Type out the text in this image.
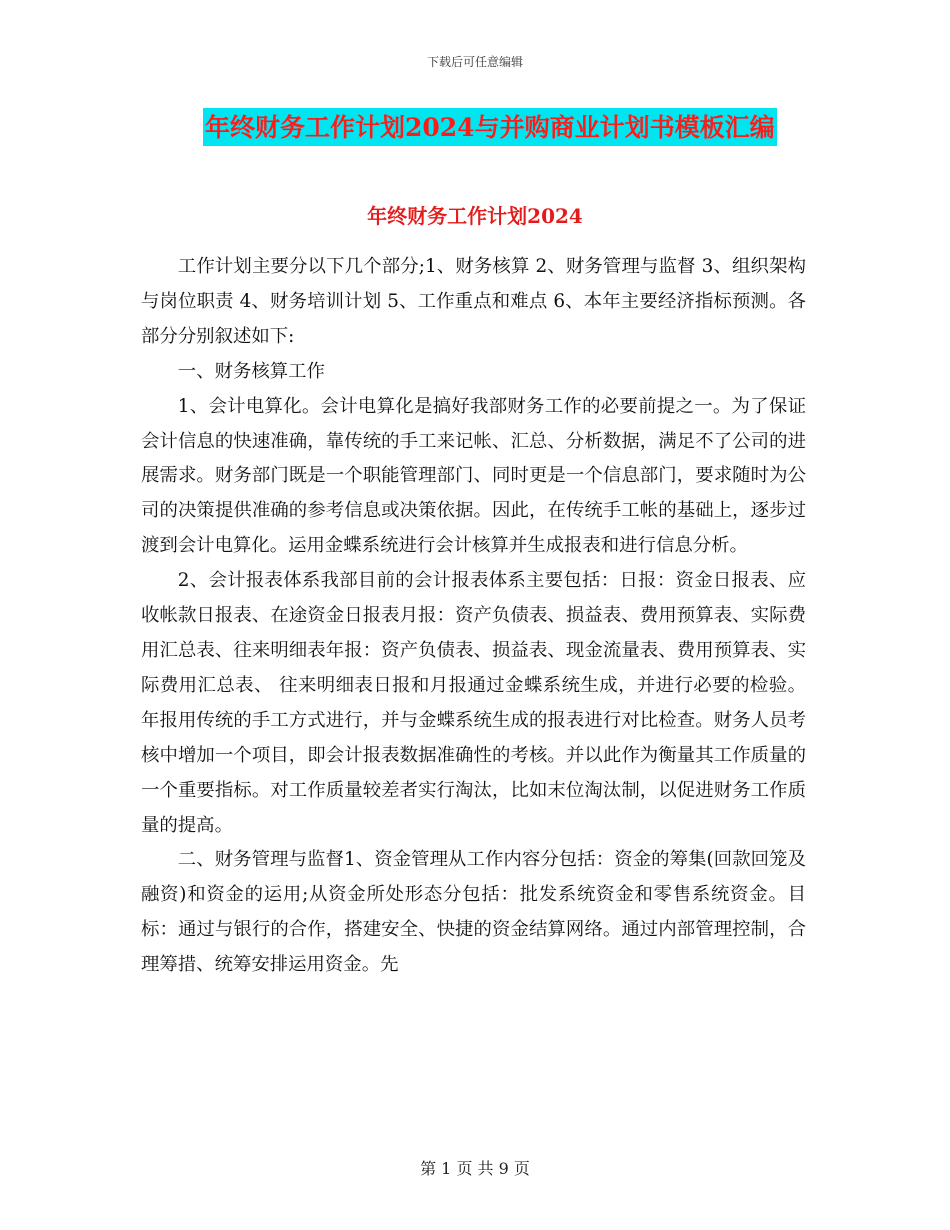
下载后可任意编辑
年终财务工作计划2024与并购商业计划书模板汇编
年终财务工作计划2024

工作计划主要分以下几个部分;1、财务核算 2、财务管理与监督 3、组织架构与岗位职责 4、财务培训计划 5、工作重点和难点 6、本年主要经济指标预测。各部分分别叙述如下:

一、财务核算工作

1、会计电算化。会计电算化是搞好我部财务工作的必要前提之一。为了保证会计信息的快速准确，靠传统的手工来记帐、汇总、分析数据，满足不了公司的进展需求。财务部门既是一个职能管理部门、同时更是一个信息部门，要求随时为公司的决策提供准确的参考信息或决策依据。因此，在传统手工帐的基础上，逐步过渡到会计电算化。运用金蝶系统进行会计核算并生成报表和进行信息分析。

2、会计报表体系我部目前的会计报表体系主要包括：日报：资金日报表、应收帐款日报表、在途资金日报表月报：资产负债表、损益表、费用预算表、实际费用汇总表、往来明细表年报：资产负债表、损益表、现金流量表、费用预算表、实际费用汇总表、 往来明细表日报和月报通过金蝶系统生成，并进行必要的检验。年报用传统的手工方式进行，并与金蝶系统生成的报表进行对比检查。财务人员考核中增加一个项目，即会计报表数据准确性的考核。并以此作为衡量其工作质量的一个重要指标。对工作质量较差者实行淘汰，比如末位淘汰制，以促进财务工作质量的提高。

二、财务管理与监督1、资金管理从工作内容分包括：资金的筹集(回款回笼及融资)和资金的运用;从资金所处形态分包括：批发系统资金和零售系统资金。目标：通过与银行的合作，搭建安全、快捷的资金结算网络。通过内部管理控制，合理筹措、统筹安排运用资金。先

第 1 页 共 9 页
